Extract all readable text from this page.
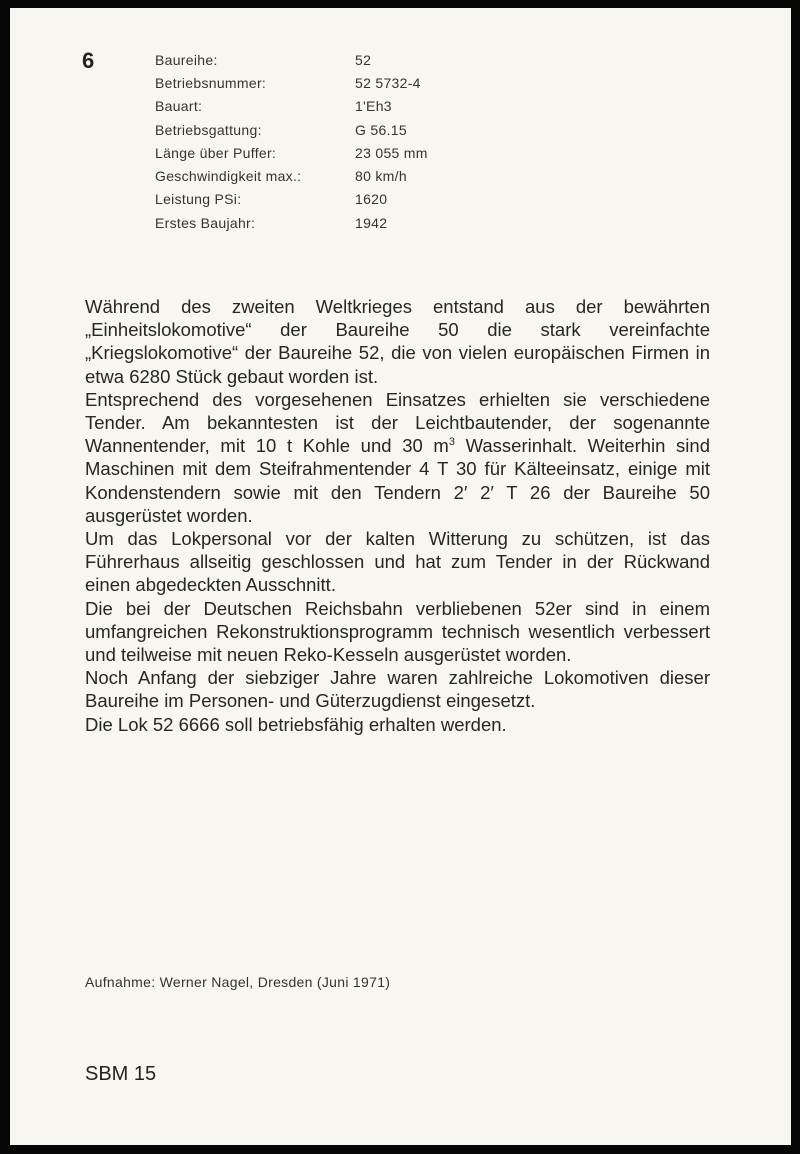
6	Baureihe:	52
Betriebsnummer:	52 5732-4
Bauart:	1'Eh3
Betriebsgattung:	G 56.15
Länge über Puffer:	23 055 mm
Geschwindigkeit max.:	80 km/h
Leistung PSi:	1620
Erstes Baujahr:	1942

Während des zweiten Weltkrieges entstand aus der bewährten „Einheitslokomotive“ der Baureihe 50 die stark vereinfachte „Kriegslokomotive“ der Baureihe 52, die von vielen europäischen Firmen in etwa 6280 Stück gebaut worden ist.

Entsprechend des vorgesehenen Einsatzes erhielten sie verschiedene Tender. Am bekanntesten ist der Leichtbautender, der sogenannte Wannentender, mit 10 t Kohle und 30 $m^3$ Wasserinhalt. Weiterhin sind Maschinen mit dem Steifrahmentender 4 T 30 für Kälteeinsatz, einige mit Kondenstendern sowie mit den Tendern 2′ 2′ T 26 der Baureihe 50 ausgerüstet worden.

Um das Lokpersonal vor der kalten Witterung zu schützen, ist das Führerhaus allseitig geschlossen und hat zum Tender in der Rückwand einen abgedeckten Ausschnitt.

Die bei der Deutschen Reichsbahn verbliebenen 52er sind in einem umfangreichen Rekonstruktionsprogramm technisch wesentlich verbessert und teilweise mit neuen Reko-Kesseln ausgerüstet worden.

Noch Anfang der siebziger Jahre waren zahlreiche Lokomotiven dieser Baureihe im Personen- und Güterzugdienst eingesetzt.

Die Lok 52 6666 soll betriebsfähig erhalten werden.

Aufnahme: Werner Nagel, Dresden (Juni 1971)
SBM 15
